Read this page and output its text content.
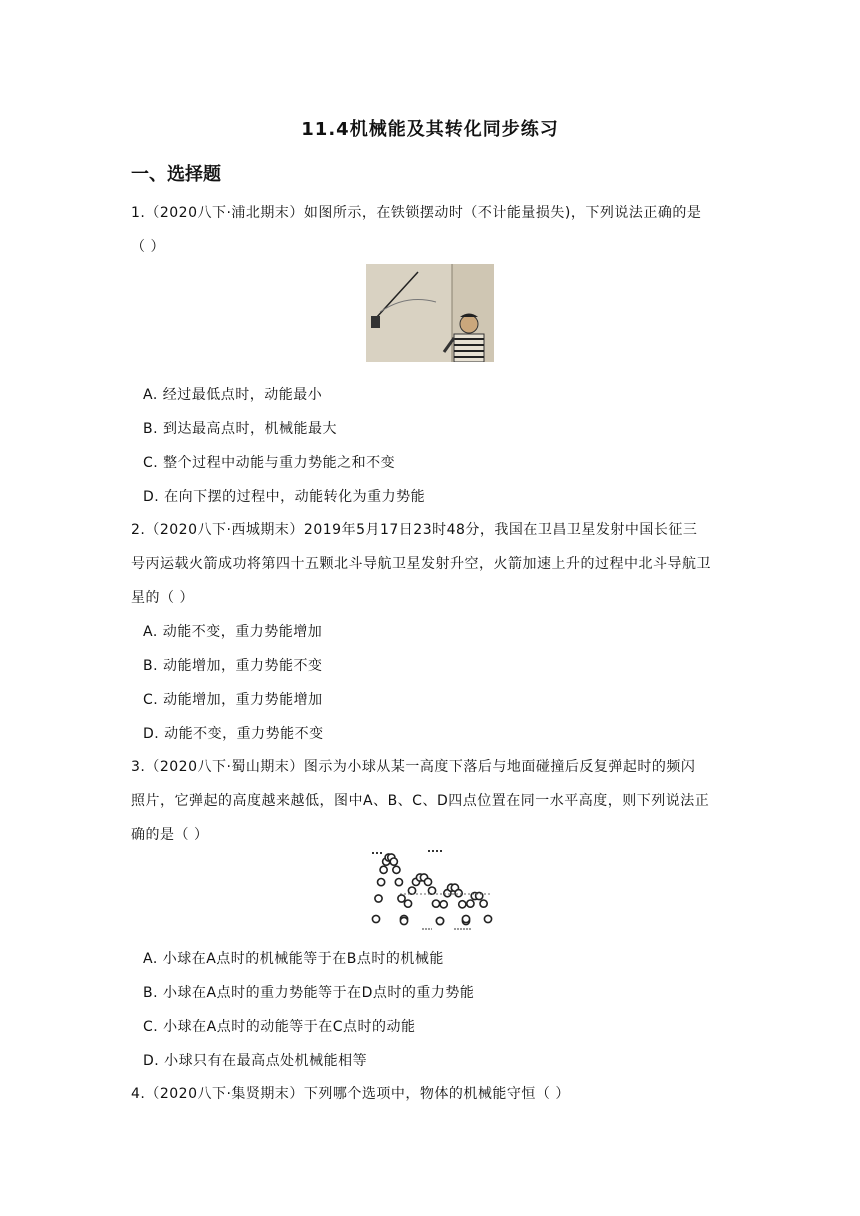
11.4机械能及其转化同步练习
一、选择题
1.（2020八下·浦北期末）如图所示，在铁锁摆动时（不计能量损失)，下列说法正确的是
（ ）
A. 经过最低点时，动能最小
B. 到达最高点时，机械能最大
C. 整个过程中动能与重力势能之和不变
D. 在向下摆的过程中，动能转化为重力势能
2.（2020八下·西城期末）2019年5月17日23时48分，我国在卫昌卫星发射中国长征三
号丙运载火箭成功将第四十五颗北斗导航卫星发射升空，火箭加速上升的过程中北斗导航卫
星的（ ）
A. 动能不变，重力势能增加
B. 动能增加，重力势能不变
C. 动能增加，重力势能增加
D. 动能不变，重力势能不变
3.（2020八下·蜀山期末）图示为小球从某一高度下落后与地面碰撞后反复弹起时的频闪
照片，它弹起的高度越来越低，图中A、B、C、D四点位置在同一水平高度，则下列说法正
确的是（ ）
A. 小球在A点时的机械能等于在B点时的机械能
B. 小球在A点时的重力势能等于在D点时的重力势能
C. 小球在A点时的动能等于在C点时的动能
D. 小球只有在最高点处机械能相等
4.（2020八下·集贤期末）下列哪个选项中，物体的机械能守恒（ ）
